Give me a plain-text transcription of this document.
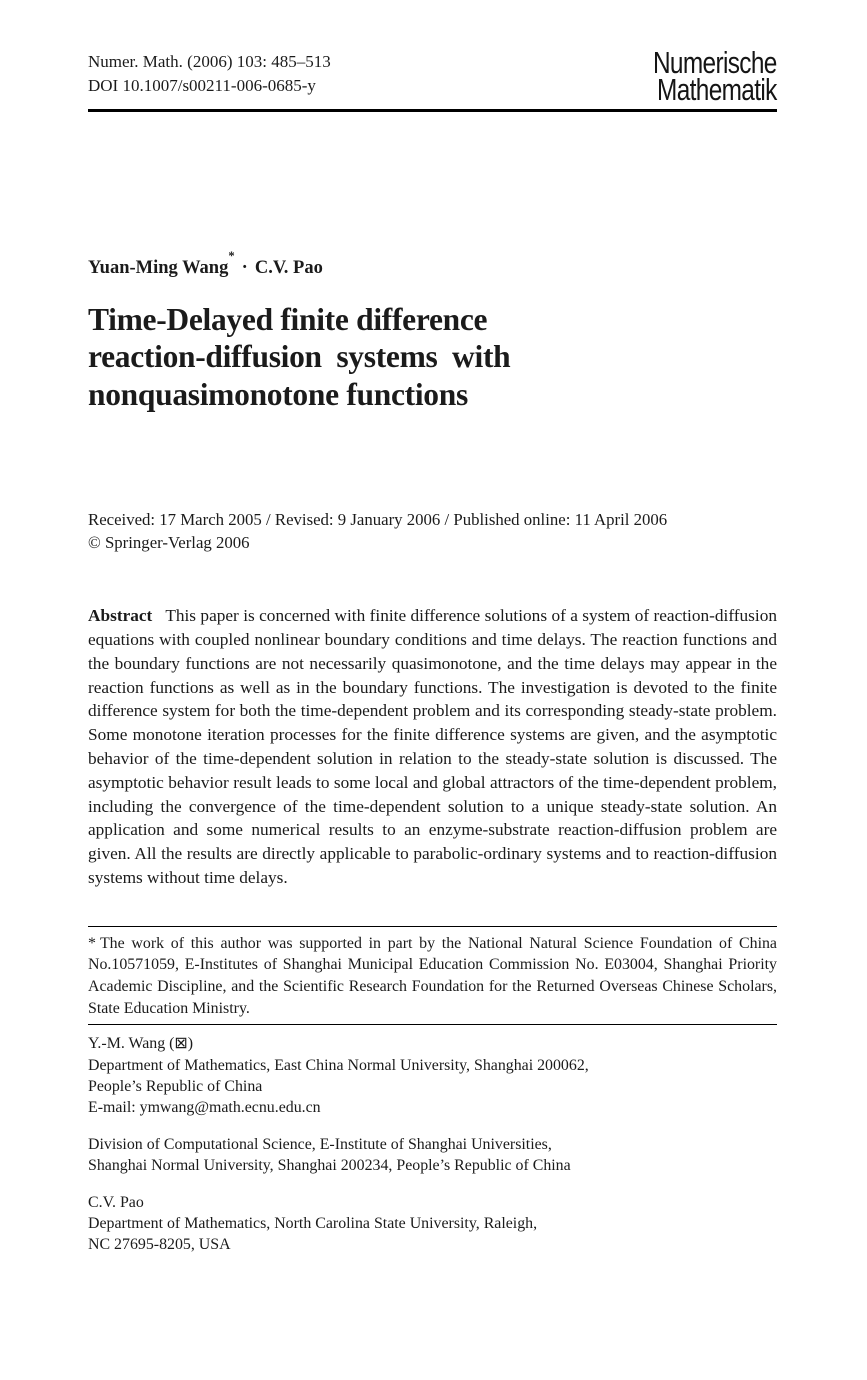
Numer. Math. (2006) 103: 485–513
DOI 10.1007/s00211-006-0685-y
Numerische
Mathematik
Yuan-Ming Wang*· C.V. Pao
Time-Delayed finite difference
reaction-diffusion systems with
nonquasimonotone functions
Received: 17 March 2005 / Revised: 9 January 2006 / Published online: 11 April 2006
© Springer-Verlag 2006
Abstract This paper is concerned with finite difference solutions of a system of reaction-diffusion equations with coupled nonlinear boundary conditions and time delays. The reaction functions and the boundary functions are not necessarily quasimonotone, and the time delays may appear in the reaction functions as well as in the boundary functions. The investigation is devoted to the finite difference system for both the time-dependent problem and its corresponding steady-state problem. Some monotone iteration processes for the finite difference systems are given, and the asymptotic behavior of the time-dependent solution in relation to the steady-state solution is discussed. The asymptotic behavior result leads to some local and global attractors of the time-dependent problem, including the convergence of the time-dependent solution to a unique steady-state solution. An application and some numerical results to an enzyme-substrate reaction-diffusion problem are given. All the results are directly applicable to parabolic-ordinary systems and to reaction-diffusion systems without time delays.
* The work of this author was supported in part by the National Natural Science Foundation of China No.10571059, E-Institutes of Shanghai Municipal Education Commission No. E03004, Shanghai Priority Academic Discipline, and the Scientific Research Foundation for the Returned Overseas Chinese Scholars, State Education Ministry.
Y.-M. Wang (⊠)
Department of Mathematics, East China Normal University, Shanghai 200062,
People’s Republic of China
E-mail: ymwang@math.ecnu.edu.cn
Division of Computational Science, E-Institute of Shanghai Universities,
Shanghai Normal University, Shanghai 200234, People’s Republic of China
C.V. Pao
Department of Mathematics, North Carolina State University, Raleigh,
NC 27695-8205, USA
